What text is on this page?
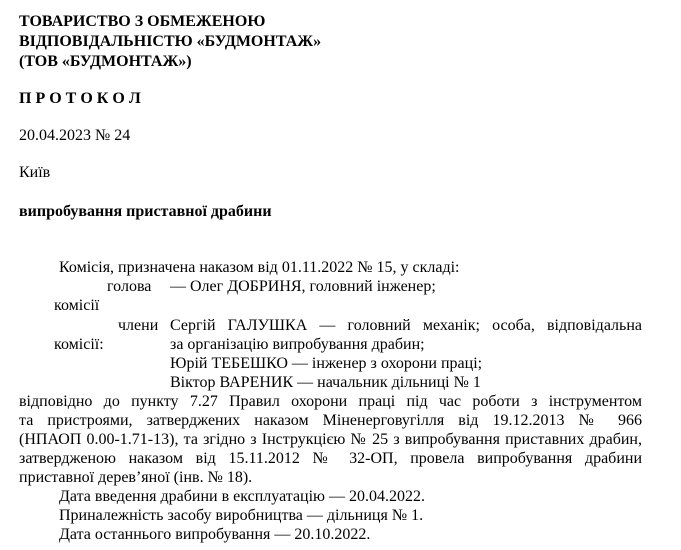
ТОВАРИСТВО З ОБМЕЖЕНОЮ
ВІДПОВІДАЛЬНІСТЮ «БУДМОНТАЖ»
(ТОВ «БУДМОНТАЖ»)
П Р О Т О К О Л
20.04.2023 № 24
Київ
випробування приставної драбини
Комісія, призначена наказом від 01.11.2022 № 15, у складі:
голова — Олег ДОБРИНЯ, головний інженер;
комісії
члени Сергій ГАЛУШКА — головний механік; особа, відповідальна
комісії:	за організацію випробування драбин;
Юрій ТЕБЕШКО — інженер з охорони праці;
Віктор ВАРЕНИК — начальник дільниці № 1
відповідно до пункту 7.27 Правил охорони праці під час роботи з інструментом
та пристроями, затверджених наказом Міненерговугілля від 19.12.2013 № 966
(НПАОП 0.00-1.71-13), та згідно з Інструкцією № 25 з випробування приставних драбин,
затвердженою наказом від 15.11.2012 № 32-ОП, провела випробування драбини
приставної дерев’яної (інв. № 18).
Дата введення драбини в експлуатацію — 20.04.2022.
Приналежність засобу виробництва — дільниця № 1.
Дата останнього випробування — 20.10.2022.
